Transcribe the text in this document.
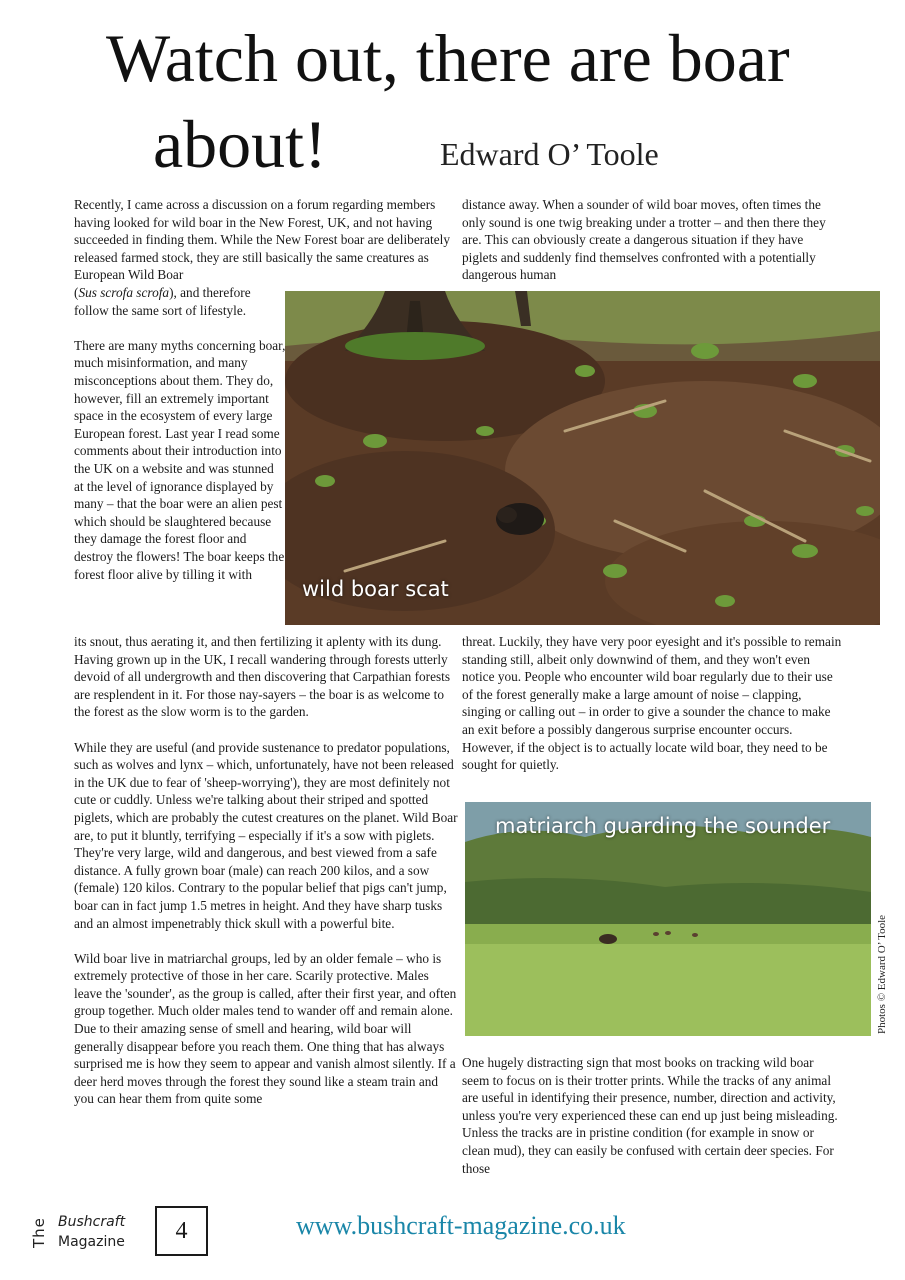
Watch out, there are boar
about!	Edward O’ Toole

Recently, I came across a discussion on a forum regarding members having looked for wild boar in the New Forest, UK, and not having succeeded in finding them. While the New Forest boar are deliberately released farmed stock, they are still basically the same creatures as European Wild Boar

(Sus scrofa scrofa), and therefore follow the same sort of lifestyle.

There are many myths concerning boar, much misinformation, and many misconceptions about them. They do, however, fill an extremely important space in the ecosystem of every large European forest. Last year I read some comments about their introduction into the UK on a website and was stunned at the level of ignorance displayed by many – that the boar were an alien pest which should be slaughtered because they damage the forest floor and destroy the flowers! The boar keeps the forest floor alive by tilling it with

its snout, thus aerating it, and then fertilizing it aplenty with its dung. Having grown up in the UK, I recall wandering through forests utterly devoid of all undergrowth and then discovering that Carpathian forests are resplendent in it. For those nay-sayers – the boar is as welcome to the forest as the slow worm is to the garden.

While they are useful (and provide sustenance to predator populations, such as wolves and lynx – which, unfortunately, have not been released in the UK due to fear of 'sheep-worrying'), they are most definitely not cute or cuddly. Unless we're talking about their striped and spotted piglets, which are probably the cutest creatures on the planet. Wild Boar are, to put it bluntly, terrifying – especially if it's a sow with piglets. They're very large, wild and dangerous, and best viewed from a safe distance. A fully grown boar (male) can reach 200 kilos, and a sow (female) 120 kilos. Contrary to the popular belief that pigs can't jump, boar can in fact jump 1.5 metres in height. And they have sharp tusks and an almost impenetrably thick skull with a powerful bite.

Wild boar live in matriarchal groups, led by an older female – who is extremely protective of those in her care. Scarily protective. Males leave the 'sounder', as the group is called, after their first year, and often group together. Much older males tend to wander off and remain alone. Due to their amazing sense of smell and hearing, wild boar will generally disappear before you reach them. One thing that has always surprised me is how they seem to appear and vanish almost silently. If a deer herd moves through the forest they sound like a steam train and you can hear them from quite some

distance away. When a sounder of wild boar moves, often times the only sound is one twig breaking under a trotter – and then there they are. This can obviously create a dangerous situation if they have piglets and suddenly find themselves confronted with a potentially dangerous human

threat. Luckily, they have very poor eyesight and it's possible to remain standing still, albeit only downwind of them, and they won't even notice you. People who encounter wild boar regularly due to their use of the forest generally make a large amount of noise – clapping, singing or calling out – in order to give a sounder the chance to make an exit before a possibly dangerous surprise encounter occurs. However, if the object is to actually locate wild boar, they need to be sought for quietly.

One hugely distracting sign that most books on tracking wild boar seem to focus on is their trotter prints. While the tracks of any animal are useful in identifying their presence, number, direction and activity, unless you're very experienced these can end up just being misleading. Unless the tracks are in pristine condition (for example in snow or clean mud), they can easily be confused with certain deer species. For those

wild boar scat
matriarch guarding the sounder
Photos © Edward O’ Toole
The Bushcraft
Magazine	4	www.bushcraft-magazine.co.uk
